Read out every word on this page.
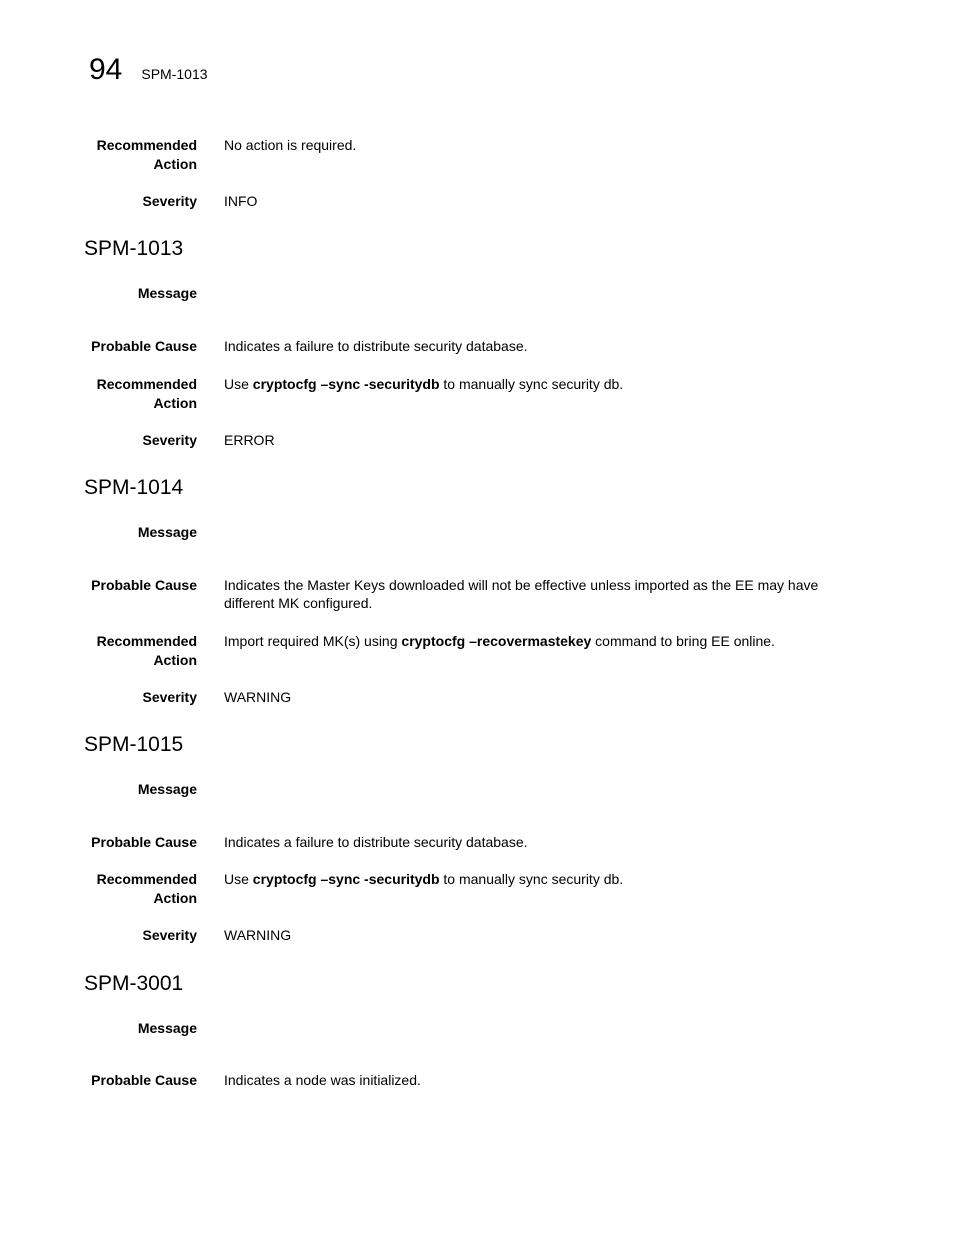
94 SPM-1013
Recommended Action
No action is required.
Severity INFO
SPM-1013
Message
Probable Cause Indicates a failure to distribute security database.
Recommended Action
Use cryptocfg –sync -securitydb to manually sync security db.
Severity ERROR
SPM-1014
Message
Probable Cause Indicates the Master Keys downloaded will not be effective unless imported as the EE may have different MK configured.
Recommended Action
Import required MK(s) using cryptocfg –recovermastekey command to bring EE online.
Severity WARNING
SPM-1015
Message
Probable Cause Indicates a failure to distribute security database.
Recommended Action
Use cryptocfg –sync -securitydb to manually sync security db.
Severity WARNING
SPM-3001
Message
Probable Cause Indicates a node was initialized.
